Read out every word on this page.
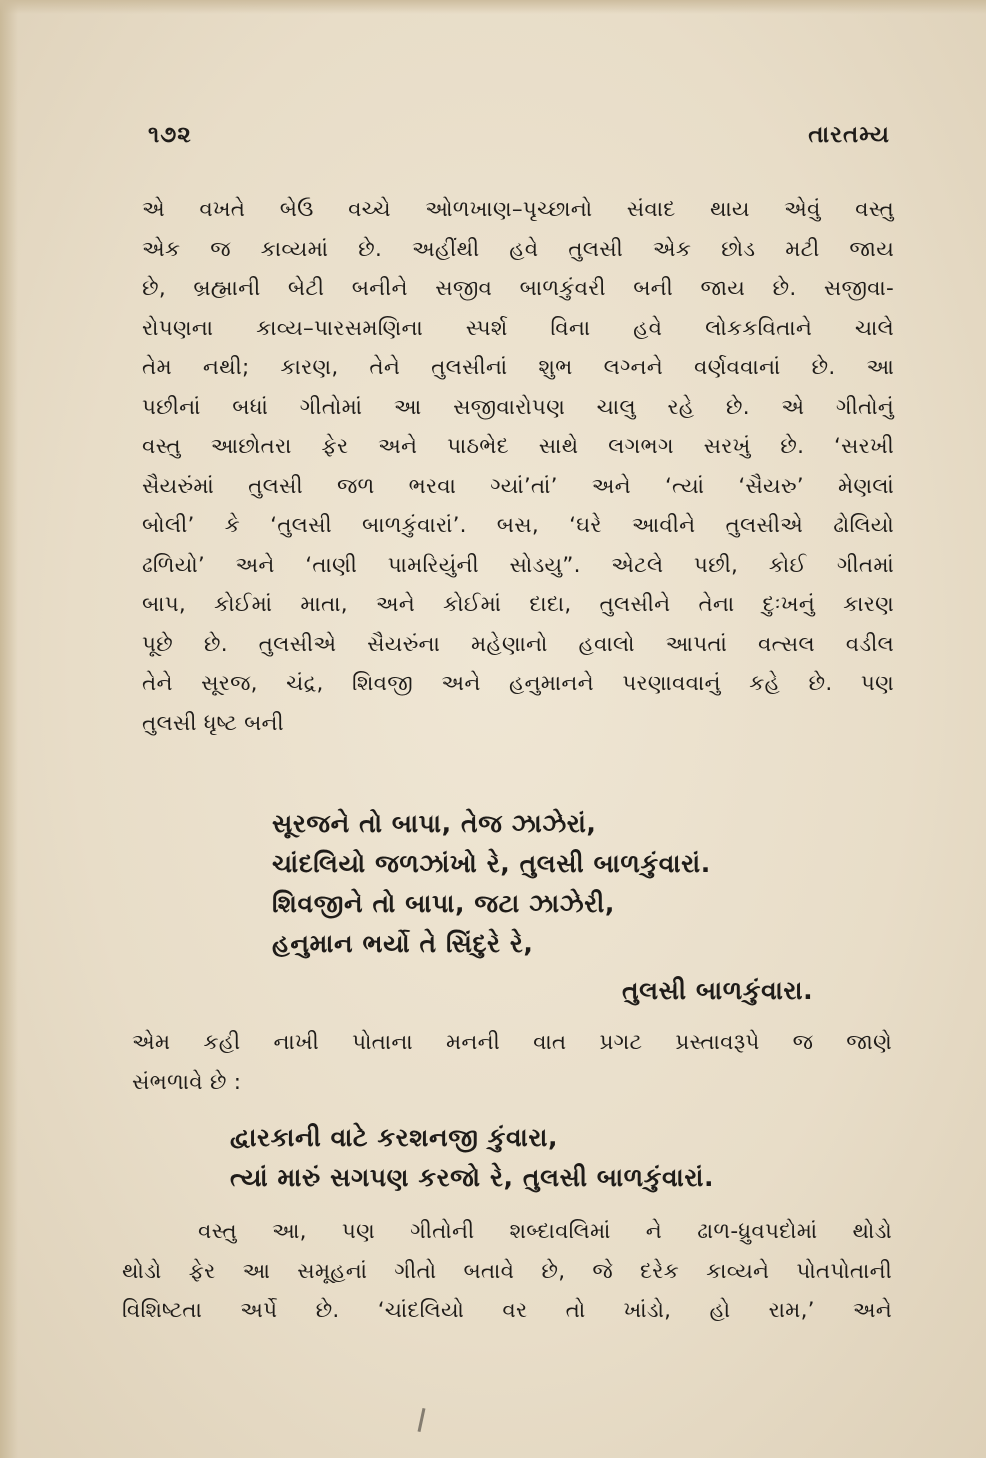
૧૭૨	તારતમ્ય
એ વખતે બેઉ વચ્ચે ઓળખાણ–પૃચ્છાનો સંવાદ થાય એવું વસ્તુ
એક જ કાવ્યમાં છે. અહીંથી હવે તુલસી એક છોડ મટી જાય
છે, બ્રહ્માની બેટી બનીને સજીવ બાળકુંવરી બની જાય છે. સજીવા-
રોપણના કાવ્ય–પારસમણિના સ્પર્શ વિના હવે લોકકવિતાને ચાલે
તેમ નથી; કારણ, તેને તુલસીનાં શુભ લગ્નને વર્ણવવાનાં છે. આ
પછીનાં બધાં ગીતોમાં આ સજીવારોપણ ચાલુ રહે છે. એ ગીતોનું
વસ્તુ આછોતરા ફેર અને પાઠભેદ સાથે લગભગ સરખું છે. ‘સરખી
સૈયરુંમાં તુલસી જળ ભરવા ગ્યાં’તાં’ અને ‘ત્યાં ‘સૈયરુ’ મેણલાં
બોલી’ કે ‘તુલસી બાળકુંવારાં’. બસ, ‘ઘરે આવીને તુલસીએ ઢોલિયો
ઢળિયો’ અને ‘તાણી પામરિયુંની સોડયુ”. એટલે પછી, કોઈ ગીતમાં
બાપ, કોઈમાં માતા, અને કોઈમાં દાદા, તુલસીને તેના દુઃખનું કારણ
પૂછે છે. તુલસીએ સૈયરુંના મહેણાનો હવાલો આપતાં વત્સલ વડીલ
તેને સૂરજ, ચંદ્ર, શિવજી અને હનુમાનને પરણાવવાનું કહે છે. પણ
તુલસી ધૃષ્ટ બની
સૂરજને તો બાપા, તેજ ઝાઝેરાં,
ચાંદલિયો જળઝાંખો રે, તુલસી બાળકુંવારાં.
શિવજીને તો બાપા, જટા ઝાઝેરી,
હનુમાન ભર્યો તે સિંદુરે રે,
તુલસી બાળકુંવારા.
એમ કહી નાખી પોતાના મનની વાત પ્રગટ પ્રસ્તાવરૂપે જ જાણે
સંભળાવે છે :
દ્વારકાની વાટે કરશનજી કુંવારા,
ત્યાં મારું સગપણ કરજો રે, તુલસી બાળકુંવારાં.
વસ્તુ આ, પણ ગીતોની શબ્દાવલિમાં ને ઢાળ-ધ્રુવપદોમાં થોડો
થોડો ફેર આ સમૂહનાં ગીતો બતાવે છે, જે દરેક કાવ્યને પોતપોતાની
વિશિષ્ટતા અર્પે છે. ‘ચાંદલિયો વર તો ખાંડો, હો રામ,’ અને
